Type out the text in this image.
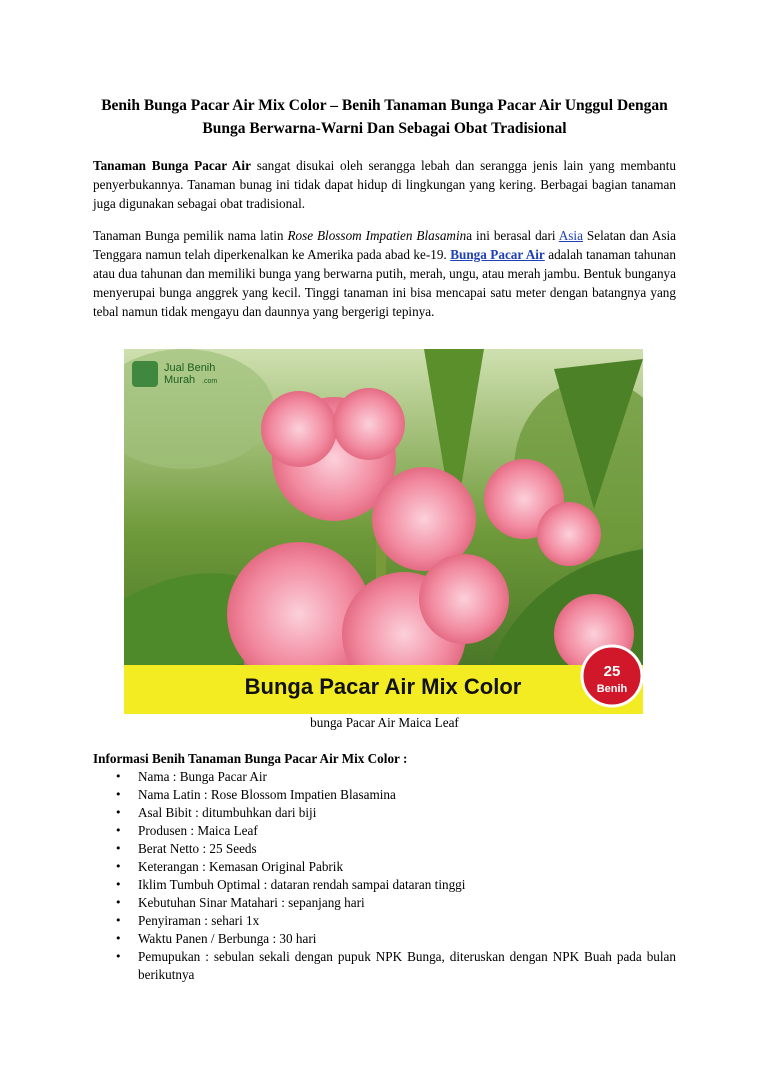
Benih Bunga Pacar Air Mix Color – Benih Tanaman Bunga Pacar Air Unggul Dengan Bunga Berwarna-Warni Dan Sebagai Obat Tradisional

Tanaman Bunga Pacar Air sangat disukai oleh serangga lebah dan serangga jenis lain yang membantu penyerbukannya. Tanaman bunag ini tidak dapat hidup di lingkungan yang kering. Berbagai bagian tanaman juga digunakan sebagai obat tradisional.

Tanaman Bunga pemilik nama latin Rose Blossom Impatien Blasamina ini berasal dari Asia Selatan dan Asia Tenggara namun telah diperkenalkan ke Amerika pada abad ke-19. Bunga Pacar Air adalah tanaman tahunan atau dua tahunan dan memiliki bunga yang berwarna putih, merah, ungu, atau merah jambu. Bentuk bunganya menyerupai bunga anggrek yang kecil. Tinggi tanaman ini bisa mencapai satu meter dengan batangnya yang tebal namun tidak mengayu dan daunnya yang bergerigi tepinya.

Jual Benih
Murah .com
Bunga Pacar Air Mix Color
25
Benih
bunga Pacar Air Maica Leaf
Informasi Benih Tanaman Bunga Pacar Air Mix Color :
• Nama : Bunga Pacar Air
• Nama Latin : Rose Blossom Impatien Blasamina
• Asal Bibit : ditumbuhkan dari biji
• Produsen : Maica Leaf
• Berat Netto : 25 Seeds
• Keterangan : Kemasan Original Pabrik
• Iklim Tumbuh Optimal : dataran rendah sampai dataran tinggi
• Kebutuhan Sinar Matahari : sepanjang hari
• Penyiraman : sehari 1x
• Waktu Panen / Berbunga : 30 hari
• Pemupukan : sebulan sekali dengan pupuk NPK Bunga, diteruskan dengan NPK Buah pada bulan berikutnya
